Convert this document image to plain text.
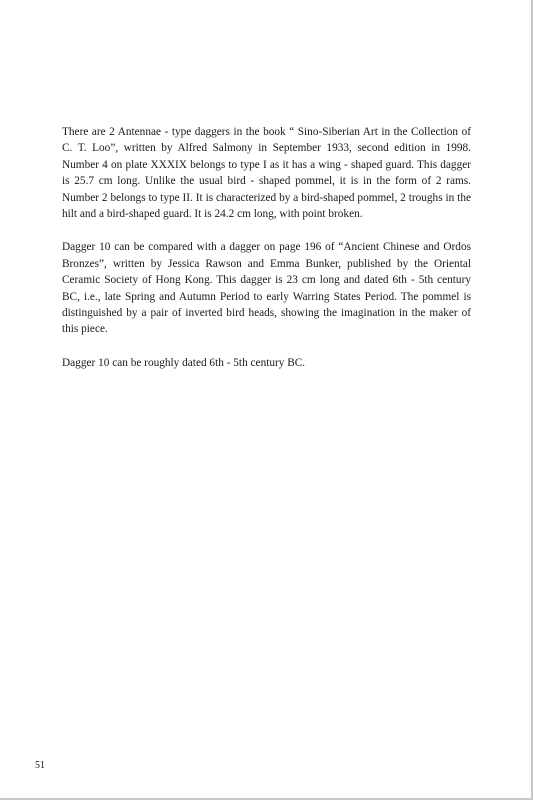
There are 2 Antennae - type daggers in the book “ Sino-Siberian Art in the Collection of C. T. Loo”, written by Alfred Salmony in September 1933, second edition in 1998. Number 4 on plate XXXIX belongs to type I as it has a wing - shaped guard. This dagger is 25.7 cm long. Unlike the usual bird - shaped pommel, it is in the form of 2 rams. Number 2 belongs to type II. It is characterized by a bird-shaped pommel, 2 troughs in the hilt and a bird-shaped guard. It is 24.2 cm long, with point broken.

Dagger 10 can be compared with a dagger on page 196 of “Ancient Chinese and Ordos Bronzes”, written by Jessica Rawson and Emma Bunker, published by the Oriental Ceramic Society of Hong Kong. This dagger is 23 cm long and dated 6th - 5th century BC, i.e., late Spring and Autumn Period to early Warring States Period. The pommel is distinguished by a pair of inverted bird heads, showing the imagination in the maker of this piece.

Dagger 10 can be roughly dated 6th - 5th century BC.

51
